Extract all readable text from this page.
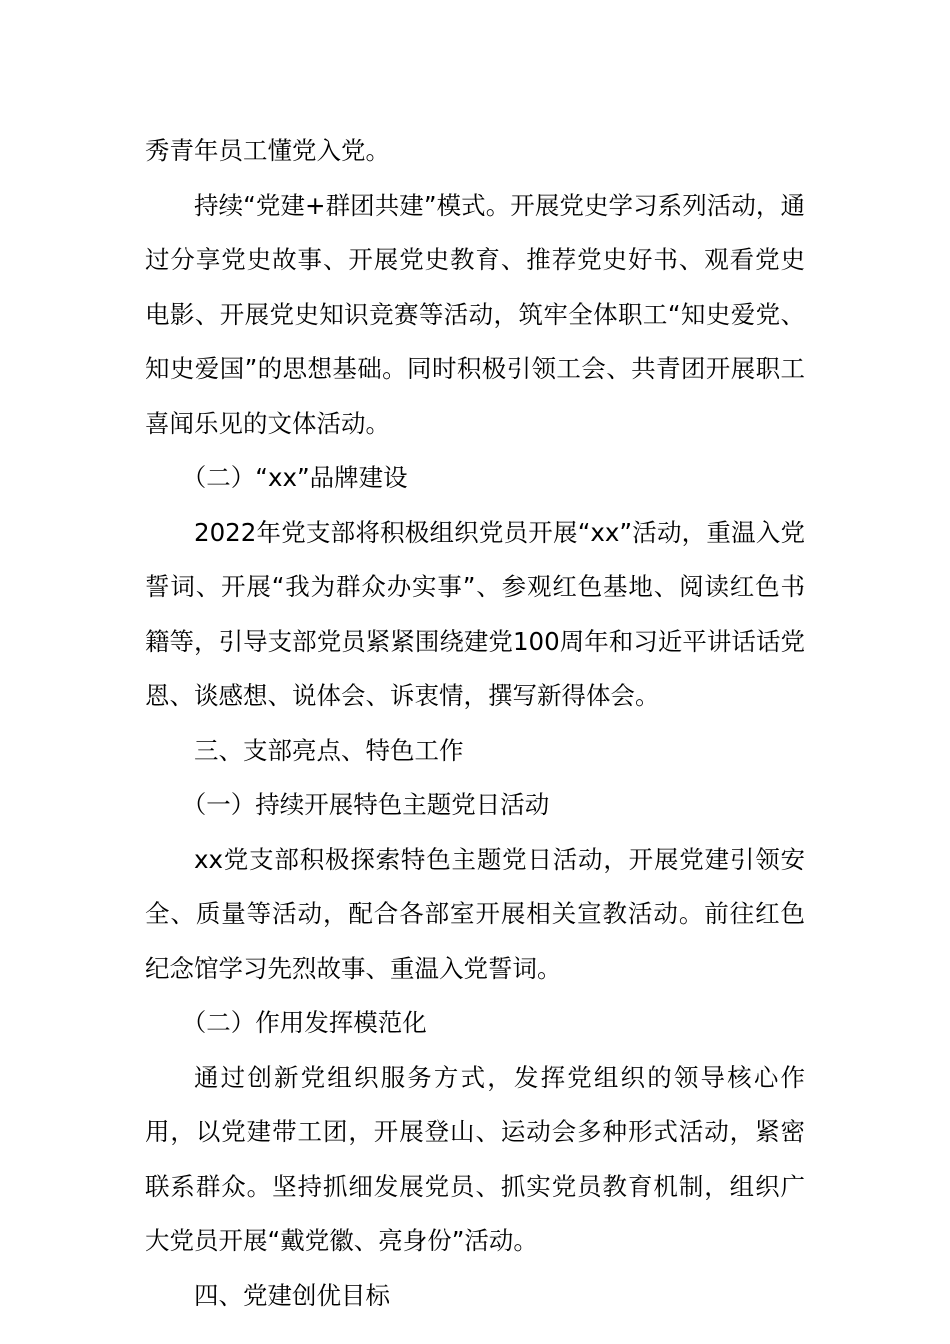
秀青年员工懂党入党。

持续“党建+群团共建”模式。开展党史学习系列活动，通过分享党史故事、开展党史教育、推荐党史好书、观看党史电影、开展党史知识竞赛等活动，筑牢全体职工“知史爱党、知史爱国”的思想基础。同时积极引领工会、共青团开展职工喜闻乐见的文体活动。

（二）“xx”品牌建设

2022年党支部将积极组织党员开展“xx”活动，重温入党誓词、开展“我为群众办实事”、参观红色基地、阅读红色书籍等，引导支部党员紧紧围绕建党100周年和习近平讲话话党恩、谈感想、说体会、诉衷情，撰写新得体会。

三、支部亮点、特色工作

（一）持续开展特色主题党日活动

xx党支部积极探索特色主题党日活动，开展党建引领安全、质量等活动，配合各部室开展相关宣教活动。前往红色纪念馆学习先烈故事、重温入党誓词。

（二）作用发挥模范化

通过创新党组织服务方式，发挥党组织的领导核心作用，以党建带工团，开展登山、运动会多种形式活动，紧密联系群众。坚持抓细发展党员、抓实党员教育机制，组织广大党员开展“戴党徽、亮身份”活动。

四、党建创优目标
